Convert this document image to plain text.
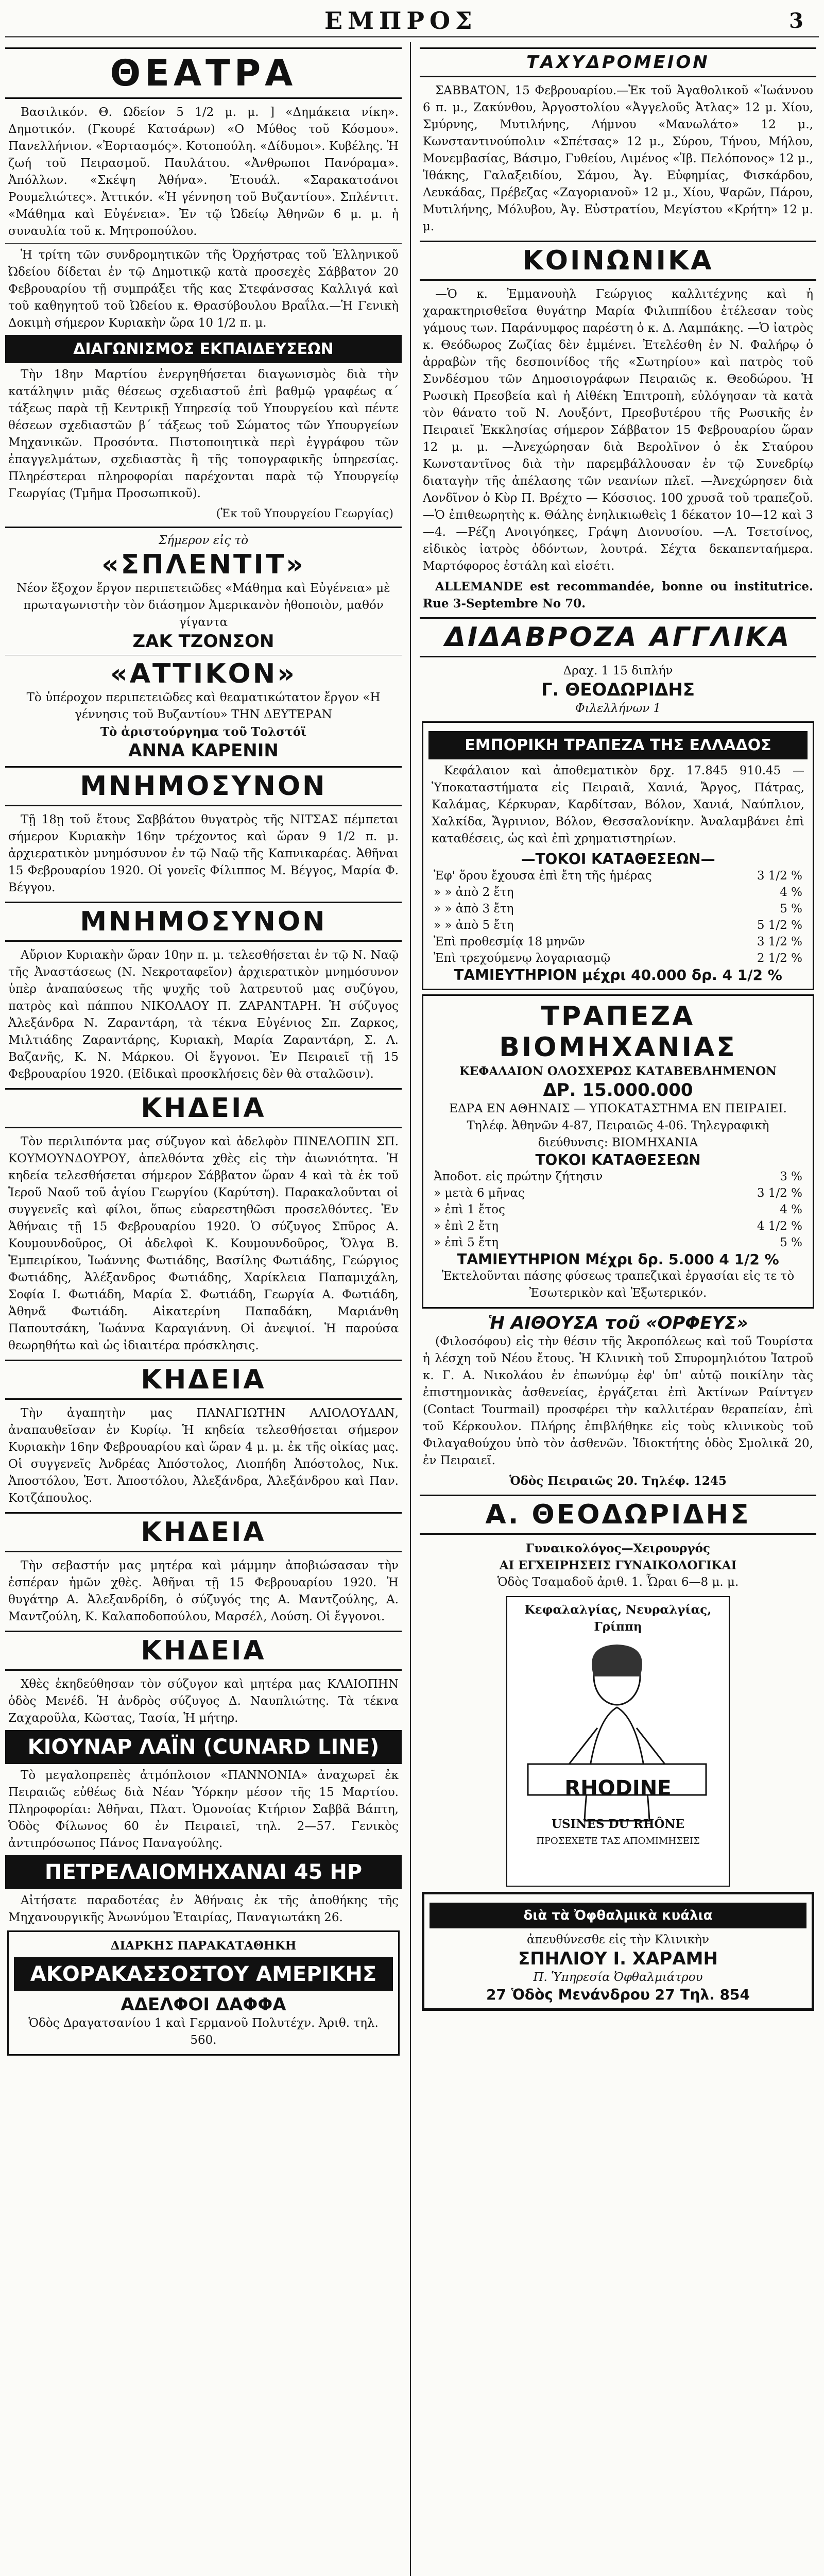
ΕΜΠΡΟΣ	3
ΘΕΑΤΡΑ

Βασιλικόν. Θ. Ωδείον 5 1/2 μ. μ. ] «Δημάκεια νίκη». Δημοτικόν. (Γκουρέ Κατσάρων) «Ο Μύθος τοῦ Κόσμου». Πανελλήνιον. «Ἐορτασμός». Κοτοπούλη. «Δίδυμοι». Κυβέλης. Ἡ ζωή τοῦ Πειρασμοῦ. Παυλάτου. «Ἀνθρωποι Πανόραμα». Ἀπόλλων. «Σκέψη Ἀθήνα». Ἐτουάλ. «Σαρακατσάνοι Ρουμελιώτες». Ἀττικόν. «Ἡ γέννηση τοῦ Βυζαντίου». Σπλέντιτ. «Μάθημα καὶ Εὐγένεια». Ἐν τῷ Ὠδείῳ Ἀθηνῶν 6 μ. μ. ἡ συναυλία τοῦ κ. Μητροπούλου.

Ἡ τρίτη τῶν συνδρομητικῶν τῆς Ὀρχήστρας τοῦ Ἑλληνικοῦ Ὠδείου δίδεται ἐν τῷ Δημοτικῷ κατὰ προσεχὲς Σάββατον 20 Φεβρουαρίου τῇ συμπράξει τῆς κας Στεφάνσσας Καλλιγά καὶ τοῦ καθηγητοῦ τοῦ Ὠδείου κ. Θρασύβουλου Βραΐλα.—Ἡ Γενικὴ Δοκιμὴ σήμερον Κυριακὴν ὥρα 10 1/2 π. μ.

ΔΙΑΓΩΝΙΣΜΟΣ ΕΚΠΑΙΔΕΥΣΕΩΝ

Τὴν 18ην Μαρτίου ἐνεργηθήσεται διαγωνισμὸς διὰ τὴν κατάληψιν μιᾶς θέσεως σχεδιαστοῦ ἐπὶ βαθμῷ γραφέως α΄ τάξεως παρὰ τῇ Κεντρικῇ Υπηρεσίᾳ τοῦ Υπουργείου καὶ πέντε θέσεων σχεδιαστῶν β΄ τάξεως τοῦ Σώματος τῶν Υπουργείων Μηχανικῶν. Προσόντα. Πιστοποιητικὰ περὶ ἐγγράφου τῶν ἐπαγγελμάτων, σχεδιαστὰς ἢ τῆς τοπογραφικῆς ὑπηρεσίας. Πληρέστεραι πληροφορίαι παρέχονται παρὰ τῷ Υπουργείῳ Γεωργίας (Τμῆμα Προσωπικοῦ).

(Ἐκ τοῦ Υπουργείου Γεωργίας)
Σήμερον εἰς τὸ
«ΣΠΛΕΝΤΙΤ»
Νέον ἔξοχον ἔργον περιπετειῶδες «Μάθημα καὶ Εὐγένεια» μὲ πρωταγωνιστὴν τὸν διάσημον Ἀμερικανὸν ἠθοποιὸν, μαθόν γίγαντα
ΖΑΚ ΤΖΟΝΣΟΝ
«ΑΤΤΙΚΟΝ»
Τὸ ὑπέροχον περιπετειῶδες καὶ θεαματικώτατον ἔργον «Η γέννησις τοῦ Βυζαντίου» ΤΗΝ ΔΕΥΤΕΡΑΝ
Τὸ ἀριστούργημα τοῦ Τολστόϊ
ΑΝΝΑ ΚΑΡΕΝΙΝ
ΜΝΗΜΟΣΥΝΟΝ

Τῇ 18ῃ τοῦ ἔτους Σαββάτου θυγατρὸς τῆς ΝΙΤΣΑΣ πέμπεται σήμερον Κυριακὴν 16ην τρέχοντος καὶ ὥραν 9 1/2 π. μ. ἀρχιερατικὸν μνημόσυνον ἐν τῷ Ναῷ τῆς Καπνικαρέας. Ἀθῆναι 15 Φεβρουαρίου 1920. Οἱ γονεῖς Φίλιππος Μ. Βέγγος, Μαρία Φ. Βέγγου.

ΜΝΗΜΟΣΥΝΟΝ

Αὔριον Κυριακὴν ὥραν 10ην π. μ. τελεσθήσεται ἐν τῷ Ν. Ναῷ τῆς Ἀναστάσεως (Ν. Νεκροταφεῖον) ἀρχιερατικὸν μνημόσυνον ὑπὲρ ἀναπαύσεως τῆς ψυχῆς τοῦ λατρευτοῦ μας συζύγου, πατρὸς καὶ πάππου ΝΙΚΟΛΑΟΥ Π. ΖΑΡΑΝΤΑΡΗ. Ἡ σύζυγος Ἀλεξάνδρα Ν. Ζαραντάρη, τὰ τέκνα Εὐγένιος Σπ. Ζαρκος, Μιλτιάδης Ζαραντάρης, Κυριακὴ, Μαρία Ζαραντάρη, Σ. Λ. Βαζανῆς, Κ. Ν. Μάρκου. Οἱ ἔγγονοι. Ἐν Πειραιεῖ τῇ 15 Φεβρουαρίου 1920. (Εἰδικαὶ προσκλήσεις δὲν θὰ σταλῶσιν).

ΚΗΔΕΙΑ

Τὸν περιλιπόντα μας σύζυγον καὶ ἀδελφὸν ΠΙΝΕΛΟΠΙΝ ΣΠ. ΚΟΥΜΟΥΝΔΟΥΡΟΥ, ἀπελθόντα χθὲς εἰς τὴν ἀιωνιότητα. Ἡ κηδεία τελεσθήσεται σήμερον Σάββατον ὥραν 4 καὶ τὰ ἐκ τοῦ Ἱεροῦ Ναοῦ τοῦ ἁγίου Γεωργίου (Καρύτση). Παρακαλοῦνται οἱ συγγενεῖς καὶ φίλοι, ὅπως εὐαρεστηθῶσι προσελθόντες. Ἐν Ἀθήναις τῇ 15 Φεβρουαρίου 1920. Ὁ σύζυγος Σπῦρος Α. Κουμουνδοῦρος, Οἱ ἀδελφοὶ Κ. Κουμουνδοῦρος, Ὄλγα Β. Ἐμπειρίκου, Ἰωάννης Φωτιάδης, Βασίλης Φωτιάδης, Γεώργιος Φωτιάδης, Ἀλέξανδρος Φωτιάδης, Χαρίκλεια Παπαμιχάλη, Σοφία Ι. Φωτιάδη, Μαρία Σ. Φωτιάδη, Γεωργία Α. Φωτιάδη, Ἀθηνᾶ Φωτιάδη. Αἰκατερίνη Παπαδάκη, Μαριάνθη Παπουτσάκη, Ἰωάννα Καραγιάννη. Οἱ ἀνεψιοί. Ἡ παρούσα θεωρηθήτω καὶ ὡς ἰδιαιτέρα πρόσκλησις.

ΚΗΔΕΙΑ

Τὴν ἀγαπητὴν μας ΠΑΝΑΓΙΩΤΗΝ ΑΛΙΟΛΟΥΔΑΝ, ἀναπαυθεῖσαν ἐν Κυρίῳ. Ἡ κηδεία τελεσθήσεται σήμερον Κυριακὴν 16ην Φεβρουαρίου καὶ ὥραν 4 μ. μ. ἐκ τῆς οἰκίας μας. Οἱ συγγενεῖς Ἀνδρέας Ἀπόστολος, Λιοπήδη Ἀπόστολος, Νικ. Ἀποστόλου, Ἑστ. Ἀποστόλου, Ἀλεξάνδρα, Ἀλεξάνδρου καὶ Παν. Κοτζάπουλος.

ΚΗΔΕΙΑ

Τὴν σεβαστήν μας μητέρα καὶ μάμμην ἀποβιώσασαν τὴν ἑσπέραν ἡμῶν χθὲς. Ἀθῆναι τῇ 15 Φεβρουαρίου 1920. Ἡ θυγάτηρ Α. Ἀλεξανδρίδη, ὁ σύζυγός της Α. Μαντζούλης, Α. Μαντζούλη, Κ. Καλαποδοπούλου, Μαρσέλ, Λούση. Οἱ ἔγγονοι.

ΚΗΔΕΙΑ

Χθὲς ἐκηδεύθησαν τὸν σύζυγον καὶ μητέρα μας ΚΛΑΙΟΠΗΝ ὁδὸς Μενέδ. Ἡ ἀνδρὸς σύζυγος Δ. Ναυπλιώτης. Τὰ τέκνα Ζαχαροῦλα, Κῶστας, Τασία, Ἡ μήτηρ.

ΚΙΟΥΝΑΡ ΛΑΪΝ (CUNARD LINE)

Τὸ μεγαλοπρεπὲς ἀτμόπλοιον «ΠΑΝΝΟΝΙΑ» ἀναχωρεῖ ἐκ Πειραιῶς εὐθέως διὰ Νέαν Ὑόρκην μέσον τῆς 15 Μαρτίου. Πληροφορίαι: Ἀθῆναι, Πλατ. Ὁμονοίας Κτήριον Σαββᾶ Βάπτη, Ὁδὸς Φίλωνος 60 ἐν Πειραιεῖ, τηλ. 2—57. Γενικὸς ἀντιπρόσωπος Πάνος Παναγούλης.

ΠΕΤΡΕΛΑΙΟΜΗΧΑΝΑΙ 45 HP

Αἰτήσατε παραδοτέας ἐν Ἀθήναις ἐκ τῆς ἀποθήκης τῆς Μηχανουργικῆς Ἀνωνύμου Ἑταιρίας, Παναγιωτάκη 26.

ΔΙΑΡΚΗΣ ΠΑΡΑΚΑΤΑΘΗΚΗ
ΑΚΟΡΑΚΑΣΣΟΣΤΟΥ ΑΜΕΡΙΚΗΣ
ΑΔΕΛΦΟΙ ΔΑΦΦΑ
Ὁδὸς Δραγατσανίου 1 καὶ Γερμανοῦ Πολυτέχν. Ἀριθ. τηλ. 560.
ΤΑΧΥΔΡΟΜΕΙΟΝ

ΣΑΒΒΑΤΟΝ, 15 Φεβρουαρίου.—Ἐκ τοῦ Ἀγαθολικοῦ «Ἰωάννου 6 π. μ., Ζακύνθου, Ἀργοστολίου «Ἀγγελοῦς Ἀτλας» 12 μ. Χίου, Σμύρνης, Μυτιλήνης, Λήμνου «Μανωλάτο» 12 μ., Κωνσταντινούπολιν «Σπέτσας» 12 μ., Σύρου, Τήνου, Μήλου, Μονεμβασίας, Βάσιμο, Γυθείου, Λιμένος «Ἰβ. Πελόπονος» 12 μ., Ἰθάκης, Γαλαξειδίου, Σάμου, Ἀγ. Εὐφημίας, Φισκάρδου, Λευκάδας, Πρέβεζας «Ζαγοριανοῦ» 12 μ., Χίου, Ψαρῶν, Πάρου, Μυτιλήνης, Μόλυβου, Ἀγ. Εὐστρατίου, Μεγίστου «Κρήτη» 12 μ. μ.

ΚΟΙΝΩΝΙΚΑ

—Ὁ κ. Ἐμμανουὴλ Γεώργιος καλλιτέχνης καὶ ἡ χαρακτηρισθεῖσα θυγάτηρ Μαρία Φιλιππίδου ἐτέλεσαν τοὺς γάμους των. Παράνυμφος παρέστη ὁ κ. Δ. Λαμπάκης. —Ὁ ἰατρὸς κ. Θεόδωρος Ζωζίας δὲν ἐμμένει. Ἐτελέσθη ἐν Ν. Φαλήρῳ ὁ ἀρραβὼν τῆς δεσποινίδος τῆς «Σωτηρίου» καὶ πατρὸς τοῦ Συνδέσμου τῶν Δημοσιογράφων Πειραιῶς κ. Θεοδώρου. Ἡ Ρωσικὴ Πρεσβεία καὶ ἡ Αἰθέκη Ἐπιτροπὴ, εὐλόγησαν τὰ κατὰ τὸν θάνατο τοῦ Ν. Λουξόντ, Πρεσβυτέρου τῆς Ρωσικῆς ἐν Πειραιεῖ Ἐκκλησίας σήμερον Σάββατον 15 Φεβρουαρίου ὥραν 12 μ. μ. —Ἀνεχώρησαν διὰ Βερολῖνον ὁ ἐκ Σταύρου Κωνσταντῖνος διὰ τὴν παρεμβάλλουσαν ἐν τῷ Συνεδρίῳ διαταγὴν τῆς ἀπέλασης τῶν νεανίων πλεῖ. —Ἀνεχώρησεν διὰ Λονδῖνον ὁ Κὺρ Π. Βρέχτο — Κόσσιος. 100 χρυσᾶ τοῦ τραπεζοῦ. —Ὁ ἐπιθεωρητὴς κ. Θάλης ἐνηλικιωθεὶς 1 δέκατον 10—12 καὶ 3—4. —Ρέζη Ανοιγόηκες, Γράψη Διονυσίου. —Α. Τσετσίνος, εἰδικὸς ἰατρὸς ὀδόντων, λουτρά. Σέχτα δεκαπενταήμερα. Μαρτόφορος ἐστάλη καὶ εἰσέτι.

ALLEMANDE est recommandée, bonne ou institutrice. Rue 3-Septembre No 70.

ΔΙΔΑΒΡΟΖΑ ΑΓΓΛΙΚΑ
Δραχ. 1 15 διπλήν
Γ. ΘΕΟΔΩΡΙΔΗΣ
Φιλελλήνων 1
ΕΜΠΟΡΙΚΗ ΤΡΑΠΕΖΑ ΤΗΣ ΕΛΛΑΔΟΣ

Κεφάλαιον καὶ ἀποθεματικὸν δρχ. 17.845 910.45 — Ὑποκαταστήματα εἰς Πειραιᾶ, Χανιά, Ἄργος, Πάτρας, Καλάμας, Κέρκυραν, Καρδίτσαν, Βόλον, Χανιά, Ναύπλιον, Χαλκίδα, Ἄγρινιον, Βόλον, Θεσσαλονίκην. Ἀναλαμβάνει ἐπὶ καταθέσεις, ὡς καὶ ἐπὶ χρηματιστηρίων.

—ΤΟΚΟΙ ΚΑΤΑΘΕΣΕΩΝ—
Ἐφ' ὅρου ἔχουσα ἐπὶ ἔτη τῆς ἡμέρας	3 1/2 %
» » ἀπὸ 2 ἔτη	4 %
» » ἀπὸ 3 ἔτη	5 %
» » ἀπὸ 5 ἔτη	5 1/2 %
Ἐπὶ προθεσμίᾳ 18 μηνῶν	3 1/2 %
Ἐπὶ τρεχούμενῳ λογαριασμῷ	2 1/2 %
ΤΑΜΙΕΥΤΗΡΙΟΝ μέχρι 40.000 δρ. 4 1/2 %
ΤΡΑΠΕΖΑ ΒΙΟΜΗΧΑΝΙΑΣ
ΚΕΦΑΛΑΙΟΝ ΟΛΟΣΧΕΡΩΣ ΚΑΤΑΒΕΒΛΗΜΕΝΟΝ
ΔΡ. 15.000.000
ΕΔΡΑ ΕΝ ΑΘΗΝΑΙΣ — ΥΠΟΚΑΤΑΣΤΗΜΑ ΕΝ ΠΕΙΡΑΙΕΙ. Τηλέφ. Ἀθηνῶν 4-87, Πειραιῶς 4-06. Τηλεγραφικὴ διεύθυνσις: ΒΙΟΜΗΧΑΝΙΑ
ΤΟΚΟΙ ΚΑΤΑΘΕΣΕΩΝ
Ἀποδοτ. εἰς πρώτην ζήτησιν	3 %
» μετὰ 6 μῆνας	3 1/2 %
» ἐπὶ 1 ἔτος	4 %
» ἐπὶ 2 ἔτη	4 1/2 %
» ἐπὶ 5 ἔτη	5 %
ΤΑΜΙΕΥΤΗΡΙΟΝ Μέχρι δρ. 5.000 4 1/2 %
Ἐκτελοῦνται πάσης φύσεως τραπεζικαὶ ἐργασίαι εἰς τε τὸ Ἐσωτερικὸν καὶ Ἐξωτερικόν.
Ἡ ΑΙΘΟΥΣΑ τοῦ «ΟΡΦΕΥΣ»

(Φιλοσόφου) εἰς τὴν θέσιν τῆς Ἀκροπόλεως καὶ τοῦ Τουρίστα ἡ λέσχη τοῦ Νέου ἔτους. Ἡ Κλινικὴ τοῦ Σπυρομηλιότου Ἰατροῦ κ. Γ. Α. Νικολάου ἐν ἐπωνύμῳ ἐφ' ὑπ' αὐτῷ ποικίλην τὰς ἐπιστημονικὰς ἀσθενείας, ἐργάζεται ἐπὶ Ἀκτίνων Ραίντγεν (Contact Tourmail) προσφέρει τὴν καλλιτέραν θεραπείαν, ἐπὶ τοῦ Κέρκουλον. Πλήρης ἐπιβλήθηκε εἰς τοὺς κλινικοὺς τοῦ Φιλαγαθούχου ὑπὸ τὸν ἀσθενῶν. Ἰδιοκτήτης ὁδὸς Σμολικᾶ 20, ἐν Πειραιεῖ.

Ὁδὸς Πειραιῶς 20. Τηλέφ. 1245
Α. ΘΕΟΔΩΡΙΔΗΣ
Γυναικολόγος—Χειρουργός
ΑΙ ΕΓΧΕΙΡΗΣΕΙΣ ΓΥΝΑΙΚΟΛΟΓΙΚΑΙ
Ὁδὸς Τσαμαδοῦ ἀριθ. 1. Ὧραι 6—8 μ. μ.
Κεφαλαλγίας, Νευραλγίας, Γρίππη
RHODINE
USINES DU RHÔNE
ΠΡΟΣΕΧΕΤΕ ΤΑΣ ΑΠΟΜΙΜΗΣΕΙΣ
διὰ τὰ Ὀφθαλμικὰ κυάλια
ἀπευθύνεσθε εἰς τὴν Κλινικὴν
ΣΠΗΛΙΟΥ Ι. ΧΑΡΑΜΗ
Π. Ὑπηρεσία Ὀφθαλμιάτρου
27 Ὁδὸς Μενάνδρου 27 Τηλ. 854
